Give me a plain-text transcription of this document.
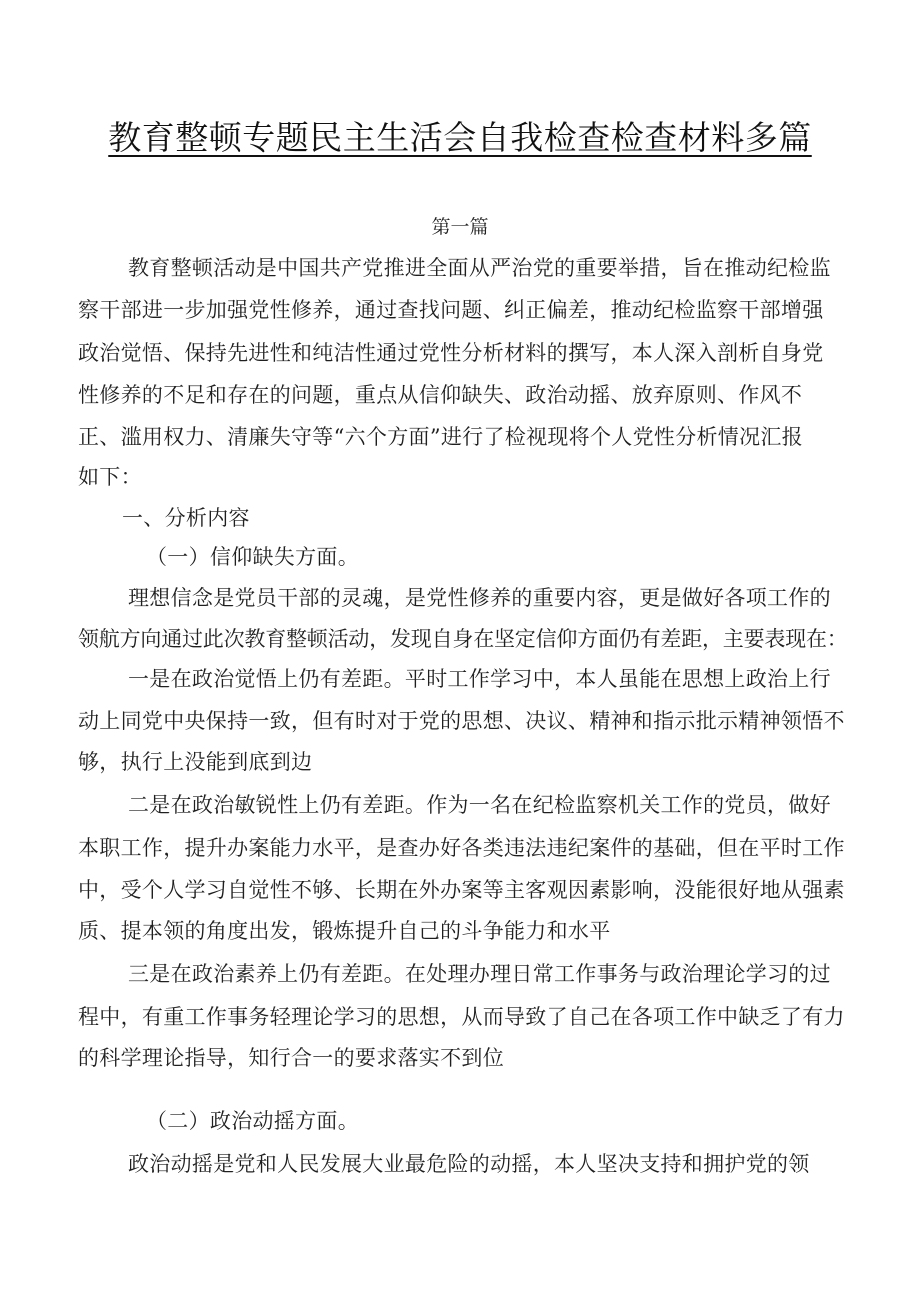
教育整顿专题民主生活会自我检查检查材料多篇
第一篇
教育整顿活动是中国共产党推进全面从严治党的重要举措，旨在推动纪检监
察干部进一步加强党性修养，通过查找问题、纠正偏差，推动纪检监察干部增强
政治觉悟、保持先进性和纯洁性通过党性分析材料的撰写，本人深入剖析自身党
性修养的不足和存在的问题，重点从信仰缺失、政治动摇、放弃原则、作风不
正、滥用权力、清廉失守等“六个方面”进行了检视现将个人党性分析情况汇报
如下：
一、分析内容
（一）信仰缺失方面。
理想信念是党员干部的灵魂，是党性修养的重要内容，更是做好各项工作的
领航方向通过此次教育整顿活动，发现自身在坚定信仰方面仍有差距，主要表现在：
一是在政治觉悟上仍有差距。平时工作学习中，本人虽能在思想上政治上行
动上同党中央保持一致，但有时对于党的思想、决议、精神和指示批示精神领悟不
够，执行上没能到底到边
二是在政治敏锐性上仍有差距。作为一名在纪检监察机关工作的党员，做好
本职工作，提升办案能力水平，是查办好各类违法违纪案件的基础，但在平时工作
中，受个人学习自觉性不够、长期在外办案等主客观因素影响，没能很好地从强素
质、提本领的角度出发，锻炼提升自己的斗争能力和水平
三是在政治素养上仍有差距。在处理办理日常工作事务与政治理论学习的过
程中，有重工作事务轻理论学习的思想，从而导致了自己在各项工作中缺乏了有力
的科学理论指导，知行合一的要求落实不到位
（二）政治动摇方面。
政治动摇是党和人民发展大业最危险的动摇，本人坚决支持和拥护党的领
